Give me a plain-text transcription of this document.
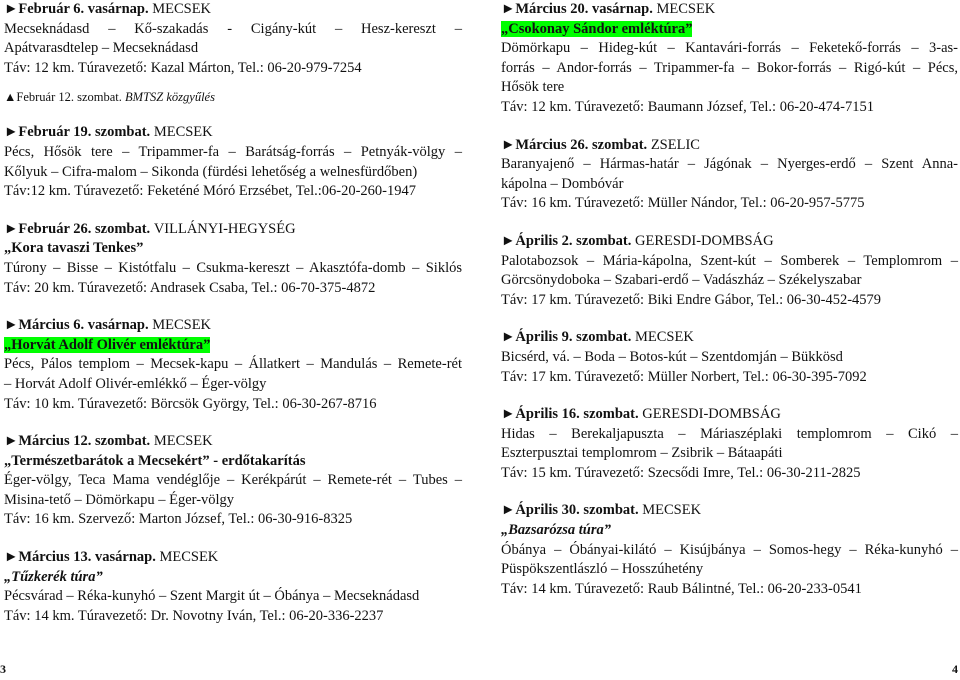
►Február 6. vasárnap. MECSEK
Mecseknádasd – Kő-szakadás - Cigány-kút – Hesz-kereszt –
Apátvarasdtelep – Mecseknádasd
Táv: 12 km. Túravezető: Kazal Márton, Tel.: 06-20-979-7254
▲Február 12. szombat. BMTSZ közgyűlés
►Február 19. szombat. MECSEK
Pécs, Hősök tere – Tripammer-fa – Barátság-forrás – Petnyák-völgy –
Kőlyuk – Cifra-malom – Sikonda (fürdési lehetőség a welnesfürdőben)
Táv:12 km. Túravezető: Feketéné Móró Erzsébet, Tel.:06-20-260-1947
►Február 26. szombat. VILLÁNYI-HEGYSÉG
„Kora tavaszi Tenkes”
Túrony – Bisse – Kistótfalu – Csukma-kereszt – Akasztófa-domb – Siklós
Táv: 20 km. Túravezető: Andrasek Csaba, Tel.: 06-70-375-4872
►Március 6. vasárnap. MECSEK
„Horvát Adolf Olivér emléktúra”
Pécs, Pálos templom – Mecsek-kapu – Állatkert – Mandulás – Remete-rét
– Horvát Adolf Olivér-emlékkő – Éger-völgy
Táv: 10 km. Túravezető: Börcsök György, Tel.: 06-30-267-8716
►Március 12. szombat. MECSEK
„Természetbarátok a Mecsekért” - erdőtakarítás
Éger-völgy, Teca Mama vendéglője – Kerékpárút – Remete-rét – Tubes –
Misina-tető – Dömörkapu – Éger-völgy
Táv: 16 km. Szervező: Marton József, Tel.: 06-30-916-8325
►Március 13. vasárnap. MECSEK
„Tűzkerék túra”
Pécsvárad – Réka-kunyhó – Szent Margit út – Óbánya – Mecseknádasd
Táv: 14 km. Túravezető: Dr. Novotny Iván, Tel.: 06-20-336-2237
►Március 20. vasárnap. MECSEK
„Csokonay Sándor emléktúra”
Dömörkapu – Hideg-kút – Kantavári-forrás – Feketekő-forrás – 3-as-
forrás – Andor-forrás – Tripammer-fa – Bokor-forrás – Rigó-kút – Pécs,
Hősök tere
Táv: 12 km. Túravezető: Baumann József, Tel.: 06-20-474-7151
►Március 26. szombat. ZSELIC
Baranyajenő – Hármas-határ – Jágónak – Nyerges-erdő – Szent Anna-
kápolna – Dombóvár
Táv: 16 km. Túravezető: Müller Nándor, Tel.: 06-20-957-5775
►Április 2. szombat. GERESDI-DOMBSÁG
Palotabozsok – Mária-kápolna, Szent-kút – Somberek – Templomrom –
Görcsönydoboka – Szabari-erdő – Vadászház – Székelyszabar
Táv: 17 km. Túravezető: Biki Endre Gábor, Tel.: 06-30-452-4579
►Április 9. szombat. MECSEK
Bicsérd, vá. – Boda – Botos-kút – Szentdomján – Bükkösd
Táv: 17 km. Túravezető: Müller Norbert, Tel.: 06-30-395-7092
►Április 16. szombat. GERESDI-DOMBSÁG
Hidas – Berekaljapuszta – Máriaszéplaki templomrom – Cikó –
Eszterpusztai templomrom – Zsibrik – Bátaapáti
Táv: 15 km. Túravezető: Szecsődi Imre, Tel.: 06-30-211-2825
►Április 30. szombat. MECSEK
„Bazsarózsa túra”
Óbánya – Óbányai-kilátó – Kisújbánya – Somos-hegy – Réka-kunyhó –
Püspökszentlászló – Hosszúhetény
Táv: 14 km. Túravezető: Raub Bálintné, Tel.: 06-20-233-0541
3	4
